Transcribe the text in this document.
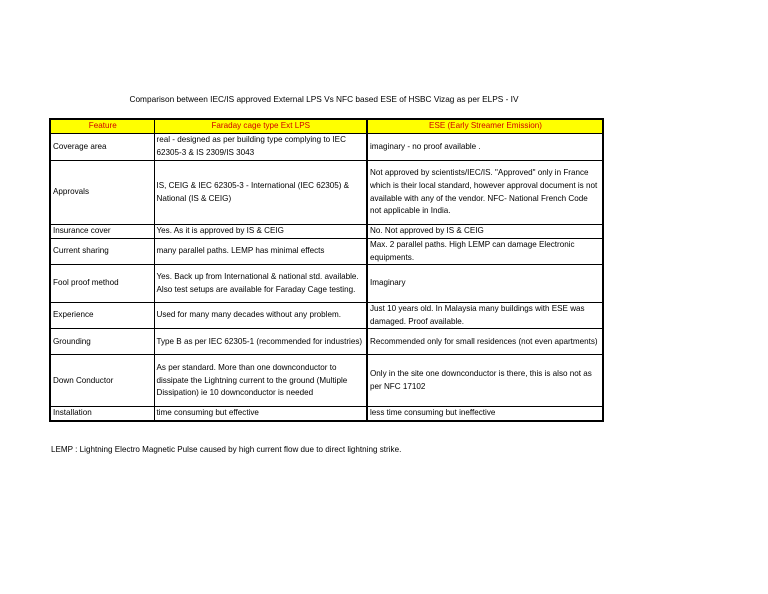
Comparison between IEC/IS approved External LPS Vs NFC based ESE of HSBC Vizag as per ELPS - IV
Feature	Faraday cage type Ext LPS	ESE (Early Streamer Emission)
Coverage area	real - designed as per building type complying to IEC 62305-3 & IS 2309/IS 3043	imaginary - no proof available .
Approvals	IS, CEIG & IEC 62305-3 - International (IEC 62305) & National (IS & CEIG)	Not approved by scientists/IEC/IS. "Approved" only in France which is their local standard, however approval document is not available with any of the vendor. NFC- National French Code not applicable in India.
Insurance cover	Yes. As it is approved by IS & CEIG	No. Not approved by IS & CEIG
Current sharing	many parallel paths. LEMP has minimal effects	Max. 2 parallel paths. High LEMP can damage Electronic equipments.
Fool proof method	Yes. Back up from International & national std. available. Also test setups are available for Faraday Cage testing.	Imaginary
Experience	Used for many many decades without any problem.	Just 10 years old. In Malaysia many buildings with ESE was damaged. Proof available.
Grounding	Type B as per IEC 62305-1 (recommended for industries)	Recommended only for small residences (not even apartments)
Down Conductor	As per standard. More than one downconductor to dissipate the Lightning current to the ground (Multiple Dissipation) ie 10 downconductor is needed	Only in the site one downconductor is there, this is also not as per NFC 17102
Installation	time consuming but effective	less time consuming but ineffective
LEMP : Lightning Electro Magnetic Pulse caused by high current flow due to direct lightning strike.
